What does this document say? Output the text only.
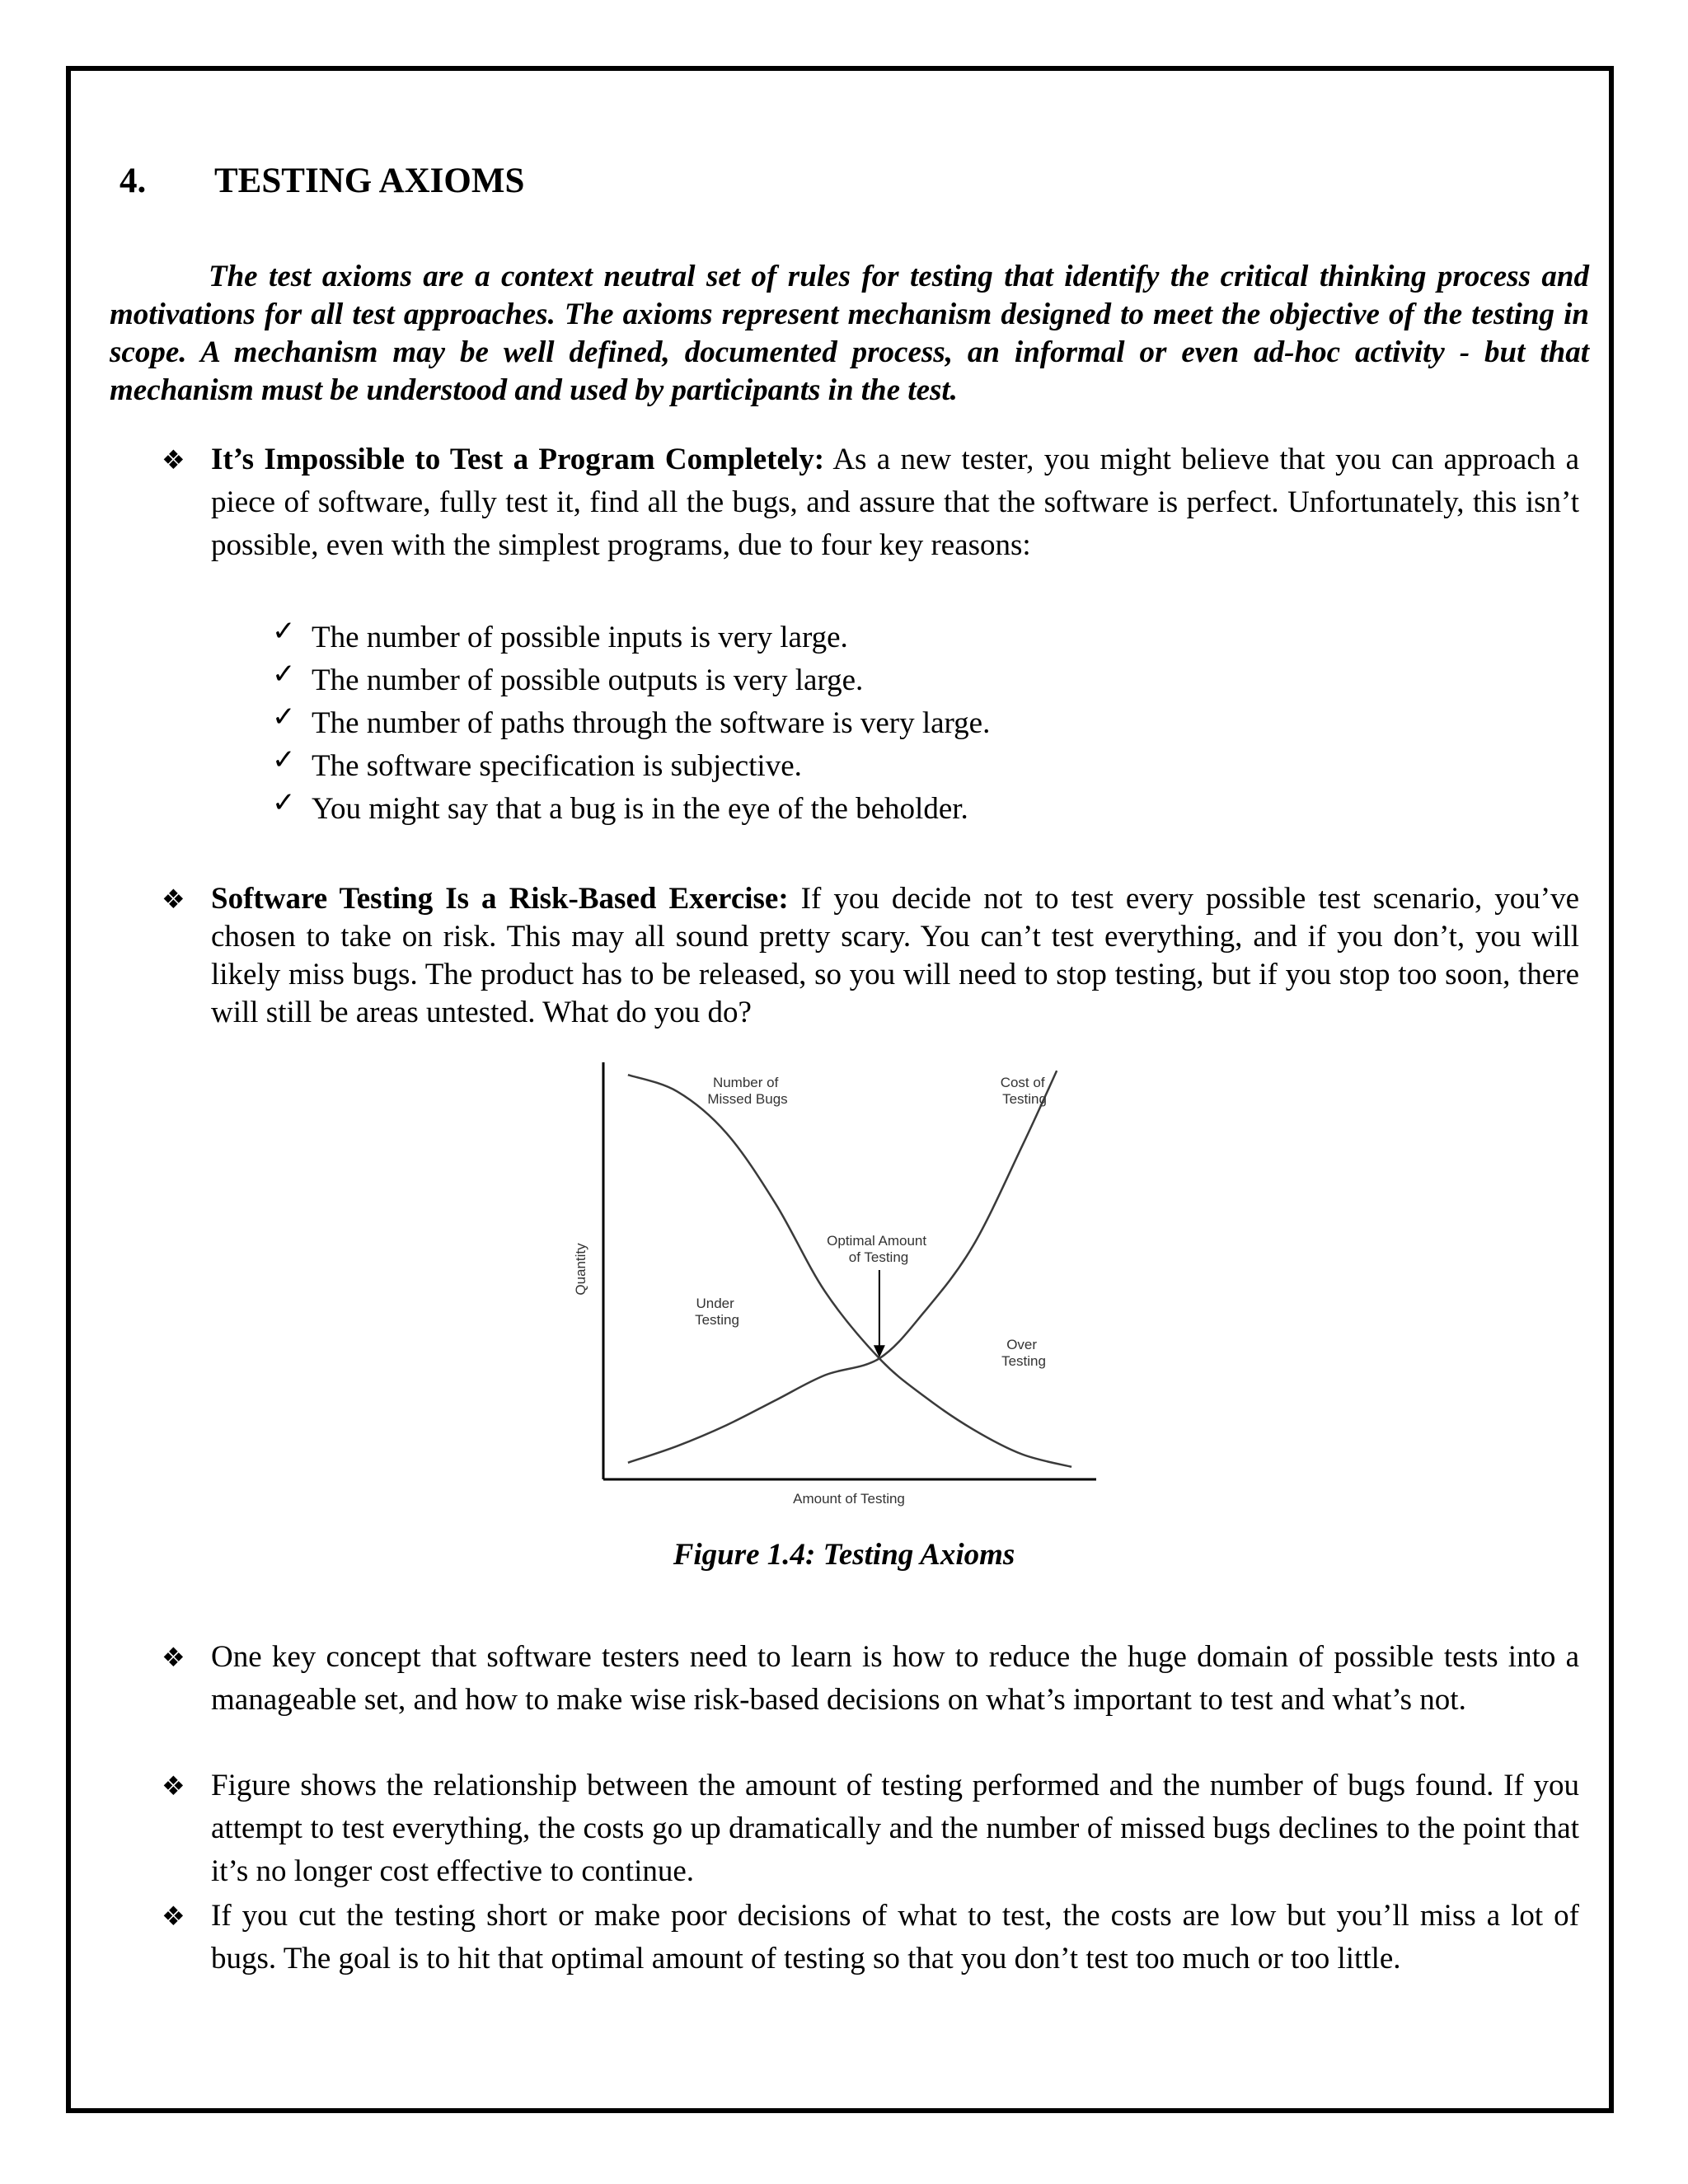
4. TESTING AXIOMS
The test axioms are a context neutral set of rules for testing that identify the critical thinking process and motivations for all test approaches. The axioms represent mechanism designed to meet the objective of the testing in scope. A mechanism may be well defined, documented process, an informal or even ad-hoc activity - but that mechanism must be understood and used by participants in the test.
❖ It’s Impossible to Test a Program Completely: As a new tester, you might believe that you can approach a piece of software, fully test it, find all the bugs, and assure that the software is perfect. Unfortunately, this isn’t possible, even with the simplest programs, due to four key reasons:
✓ The number of possible inputs is very large.
✓ The number of possible outputs is very large.
✓ The number of paths through the software is very large.
✓ The software specification is subjective.
✓ You might say that a bug is in the eye of the beholder.
❖ Software Testing Is a Risk-Based Exercise: If you decide not to test every possible test scenario, you’ve chosen to take on risk. This may all sound pretty scary. You can’t test everything, and if you don’t, you will likely miss bugs. The product has to be released, so you will need to stop testing, but if you stop too soon, there will still be areas untested. What do you do?
Amount of Testing
Quantity
Number of Missed Bugs
Cost of Testing
Optimal Amount of Testing
Under Testing
Over Testing
Figure 1.4: Testing Axioms
❖ One key concept that software testers need to learn is how to reduce the huge domain of possible tests into a manageable set, and how to make wise risk-based decisions on what’s important to test and what’s not.
❖ Figure shows the relationship between the amount of testing performed and the number of bugs found. If you attempt to test everything, the costs go up dramatically and the number of missed bugs declines to the point that it’s no longer cost effective to continue.
❖ If you cut the testing short or make poor decisions of what to test, the costs are low but you’ll miss a lot of bugs. The goal is to hit that optimal amount of testing so that you don’t test too much or too little.
